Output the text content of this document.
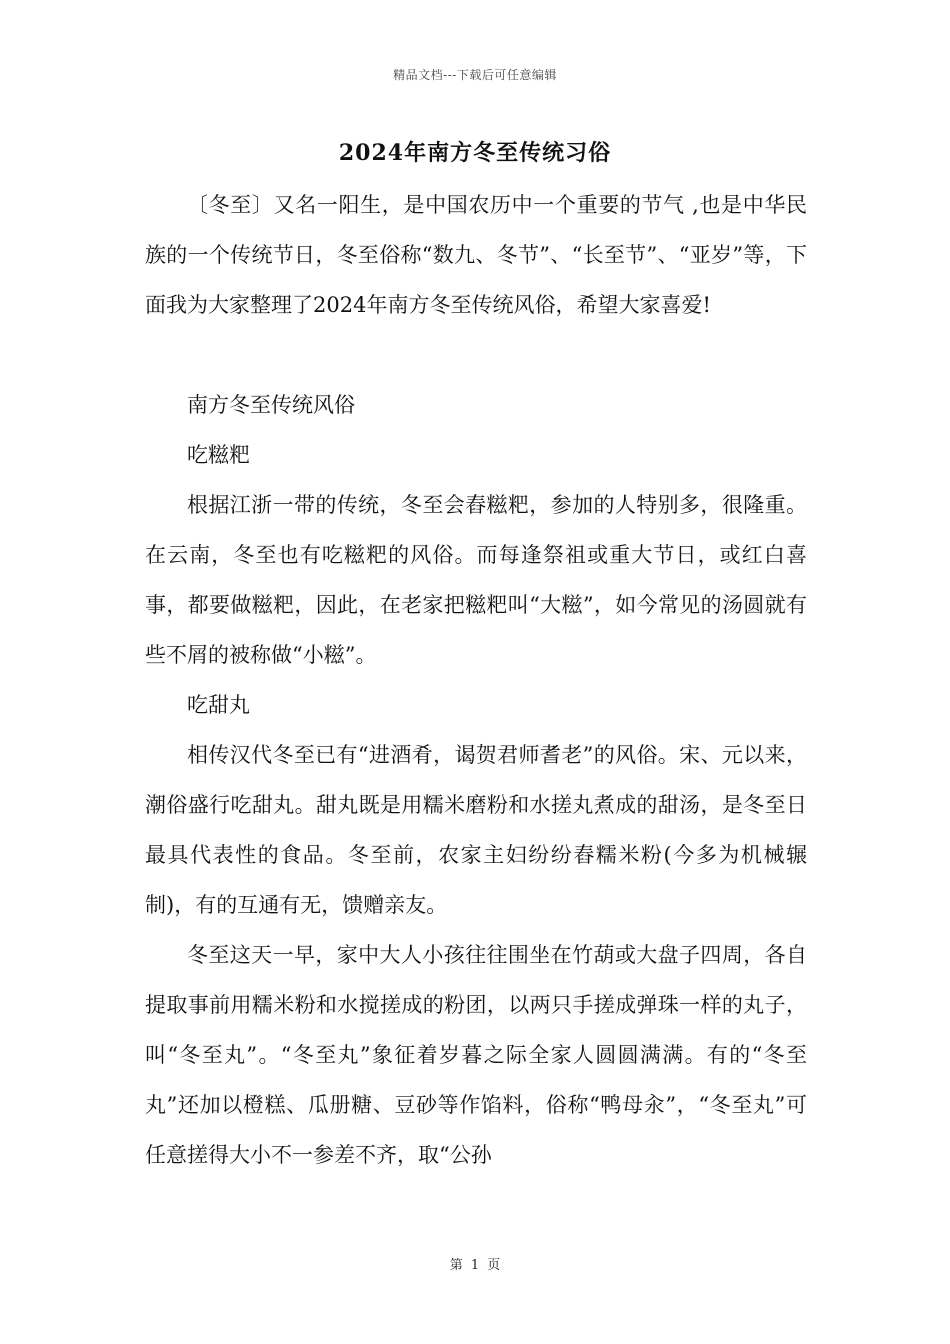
精品文档---下载后可任意编辑
2024年南方冬至传统习俗

〔冬至〕又名一阳生，是中国农历中一个重要的节气 ,也是中华民族的一个传统节日，冬至俗称“数九、冬节”、“长至节”、“亚岁”等，下面我为大家整理了2024年南方冬至传统风俗，希望大家喜爱!

南方冬至传统风俗

吃糍粑

根据江浙一带的传统，冬至会舂糍粑，参加的人特别多，很隆重。在云南，冬至也有吃糍粑的风俗。而每逢祭祖或重大节日，或红白喜事，都要做糍粑，因此，在老家把糍粑叫“大糍”，如今常见的汤圆就有些不屑的被称做“小糍”。

吃甜丸

相传汉代冬至已有“进酒肴，谒贺君师耆老”的风俗。宋、元以来，潮俗盛行吃甜丸。甜丸既是用糯米磨粉和水搓丸煮成的甜汤，是冬至日最具代表性的食品。冬至前，农家主妇纷纷舂糯米粉(今多为机械辗制)，有的互通有无，馈赠亲友。

冬至这天一早，家中大人小孩往往围坐在竹葫或大盘子四周，各自提取事前用糯米粉和水搅搓成的粉团，以两只手搓成弹珠一样的丸子，叫“冬至丸”。“冬至丸”象征着岁暮之际全家人圆圆满满。有的“冬至丸”还加以橙糕、瓜册糖、豆砂等作馅料，俗称“鸭母汆”，“冬至丸”可任意搓得大小不一参差不齐，取“公孙

第 1 页
